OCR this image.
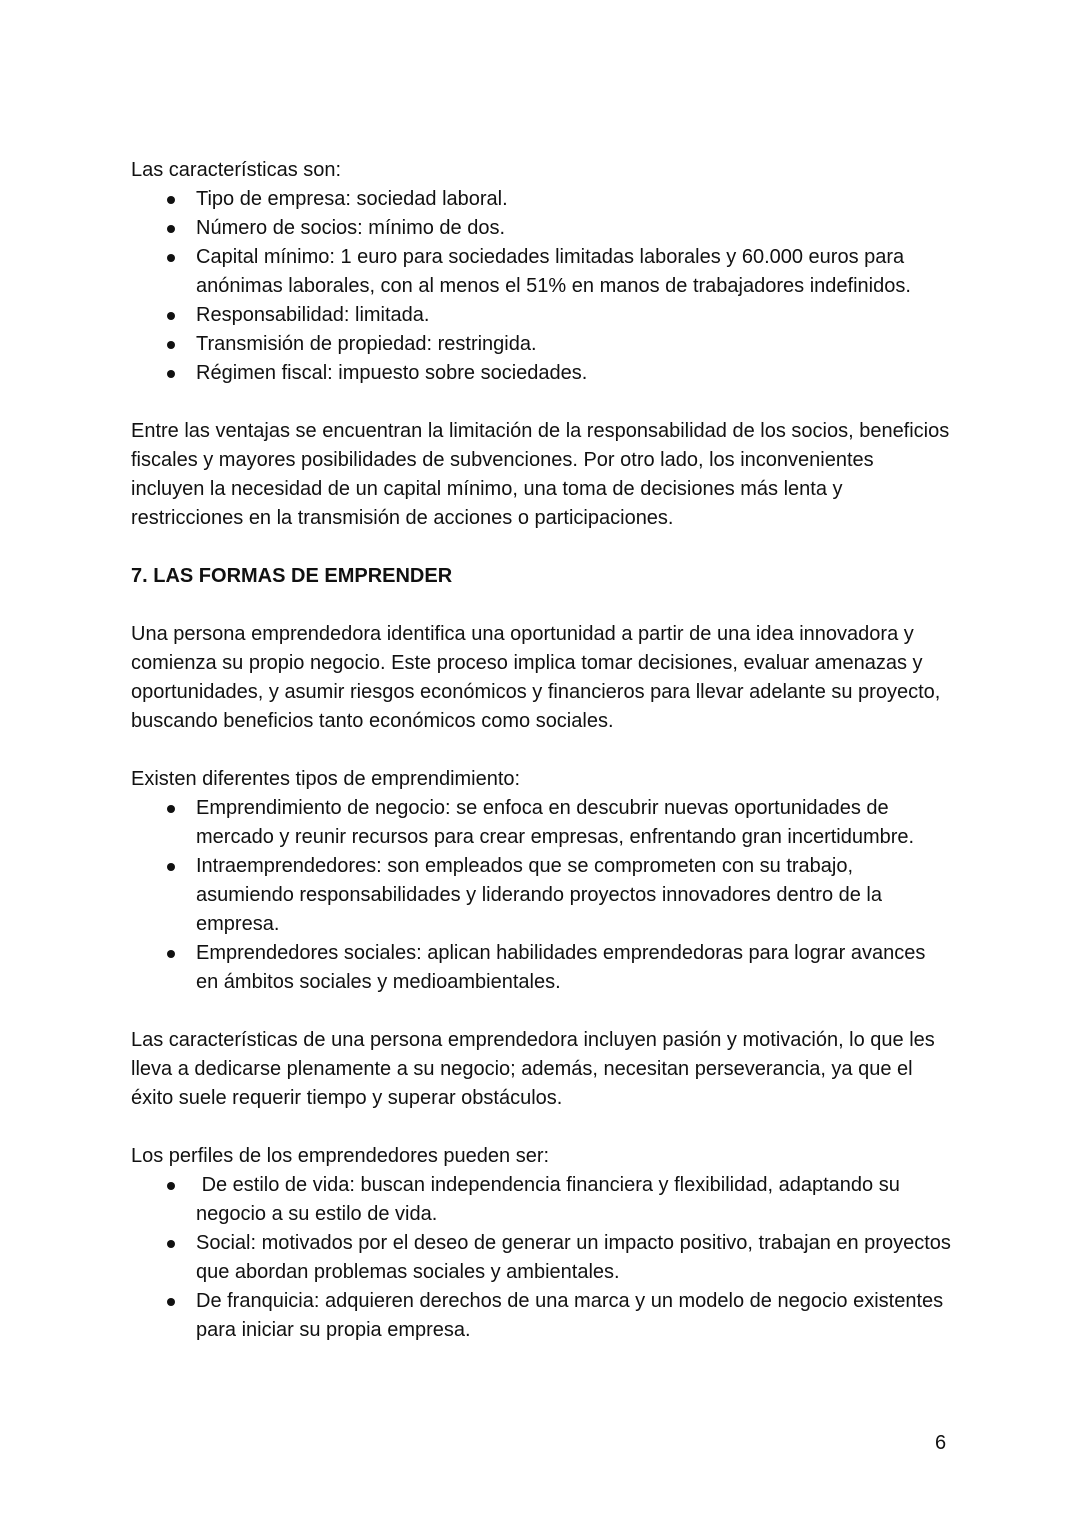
Las características son:

Tipo de empresa: sociedad laboral.
Número de socios: mínimo de dos.
Capital mínimo: 1 euro para sociedades limitadas laborales y 60.000 euros para anónimas laborales, con al menos el 51% en manos de trabajadores indefinidos.
Responsabilidad: limitada.
Transmisión de propiedad: restringida.
Régimen fiscal: impuesto sobre sociedades.

Entre las ventajas se encuentran la limitación de la responsabilidad de los socios, beneficios fiscales y mayores posibilidades de subvenciones. Por otro lado, los inconvenientes incluyen la necesidad de un capital mínimo, una toma de decisiones más lenta y restricciones en la transmisión de acciones o participaciones.

7. LAS FORMAS DE EMPRENDER

Una persona emprendedora identifica una oportunidad a partir de una idea innovadora y comienza su propio negocio. Este proceso implica tomar decisiones, evaluar amenazas y oportunidades, y asumir riesgos económicos y financieros para llevar adelante su proyecto, buscando beneficios tanto económicos como sociales.

Existen diferentes tipos de emprendimiento:

Emprendimiento de negocio: se enfoca en descubrir nuevas oportunidades de mercado y reunir recursos para crear empresas, enfrentando gran incertidumbre.
Intraemprendedores: son empleados que se comprometen con su trabajo, asumiendo responsabilidades y liderando proyectos innovadores dentro de la empresa.
Emprendedores sociales: aplican habilidades emprendedoras para lograr avances en ámbitos sociales y medioambientales.

Las características de una persona emprendedora incluyen pasión y motivación, lo que les lleva a dedicarse plenamente a su negocio; además, necesitan perseverancia, ya que el éxito suele requerir tiempo y superar obstáculos.

Los perfiles de los emprendedores pueden ser:

De estilo de vida: buscan independencia financiera y flexibilidad, adaptando su negocio a su estilo de vida.
Social: motivados por el deseo de generar un impacto positivo, trabajan en proyectos que abordan problemas sociales y ambientales.
De franquicia: adquieren derechos de una marca y un modelo de negocio existentes para iniciar su propia empresa.
6
